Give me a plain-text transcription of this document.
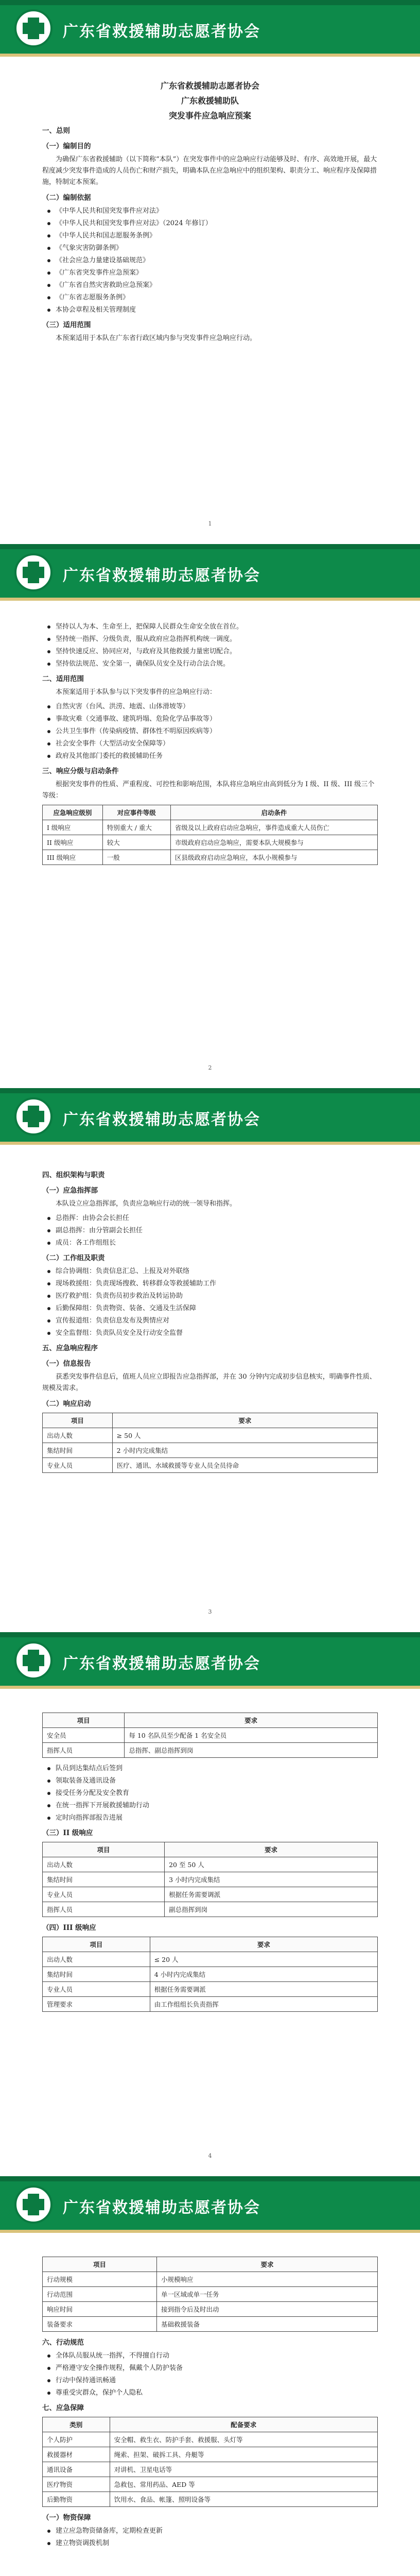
广东省救援辅助志愿者协会
广东省救援辅助志愿者协会
广东救援辅助队
突发事件应急响应预案
一、总则
（一）编制目的

为确保广东省救援辅助（以下简称“本队”）在突发事件中的应急响应行动能够及时、有序、高效地开展，最大程度减少突发事件造成的人员伤亡和财产损失，明确本队在应急响应中的组织架构、职责分工、响应程序及保障措施，特制定本预案。

（二）编制依据
《中华人民共和国突发事件应对法》
《中华人民共和国突发事件应对法》（2024 年修订）
《中华人民共和国志愿服务条例》
《气象灾害防御条例》
《社会应急力量建设基础规范》
《广东省突发事件应急预案》
《广东省自然灾害救助应急预案》
《广东省志愿服务条例》
本协会章程及相关管理制度
（三）适用范围

本预案适用于本队在广东省行政区域内参与突发事件应急响应行动。

1
广东省救援辅助志愿者协会
坚持以人为本、生命至上，把保障人民群众生命安全放在首位。
坚持统一指挥、分级负责，服从政府应急指挥机构统一调度。
坚持快速反应、协同应对，与政府及其他救援力量密切配合。
坚持依法规范、安全第一，确保队员安全及行动合法合规。
二、适用范围

本预案适用于本队参与以下突发事件的应急响应行动：

自然灾害（台风、洪涝、地震、山体滑坡等）
事故灾难（交通事故、建筑坍塌、危险化学品事故等）
公共卫生事件（传染病疫情、群体性不明原因疾病等）
社会安全事件（大型活动安全保障等）
政府及其他部门委托的救援辅助任务
三、响应分级与启动条件

根据突发事件的性质、严重程度、可控性和影响范围，本队将应急响应由高到低分为 I 级、II 级、III 级三个等级：

应急响应级别	对应事件等级	启动条件
I 级响应	特别重大 / 重大	省级及以上政府启动应急响应，事件造成重大人员伤亡
II 级响应	较大	市级政府启动应急响应，需要本队大规模参与
III 级响应	一般	区县级政府启动应急响应，本队小规模参与
2
广东省救援辅助志愿者协会
四、组织架构与职责
（一）应急指挥部

本队设立应急指挥部，负责应急响应行动的统一领导和指挥。

总指挥：由协会会长担任
副总指挥：由分管副会长担任
成员：各工作组组长
（二）工作组及职责
综合协调组：负责信息汇总、上报及对外联络
现场救援组：负责现场搜救、转移群众等救援辅助工作
医疗救护组：负责伤员初步救治及转运协助
后勤保障组：负责物资、装备、交通及生活保障
宣传报道组：负责信息发布及舆情应对
安全监督组：负责队员安全及行动安全监督
五、应急响应程序
（一）信息报告

获悉突发事件信息后，值班人员应立即报告应急指挥部，并在 30 分钟内完成初步信息核实，明确事件性质、规模及需求。

（二）响应启动
项目	要求
出动人数	≥ 50 人
集结时间	2 小时内完成集结
专业人员	医疗、通讯、水域救援等专业人员全员待命
3
广东省救援辅助志愿者协会
项目	要求
安全员	每 10 名队员至少配备 1 名安全员
指挥人员	总指挥、副总指挥到岗
队员到达集结点后签到
领取装备及通讯设备
接受任务分配及安全教育
在统一指挥下开展救援辅助行动
定时向指挥部报告进展
（三）II 级响应
项目	要求
出动人数	20 至 50 人
集结时间	3 小时内完成集结
专业人员	根据任务需要调派
指挥人员	副总指挥到岗
（四）III 级响应
项目	要求
出动人数	≤ 20 人
集结时间	4 小时内完成集结
专业人员	根据任务需要调派
管理要求	由工作组组长负责指挥
4
广东省救援辅助志愿者协会
项目	要求
行动规模	小规模响应
行动范围	单一区域或单一任务
响应时间	接到指令后及时出动
装备要求	基础救援装备
六、行动规范
全体队员服从统一指挥，不得擅自行动
严格遵守安全操作规程，佩戴个人防护装备
行动中保持通讯畅通
尊重受灾群众，保护个人隐私
七、应急保障
类别	配备要求
个人防护	安全帽、救生衣、防护手套、救援服、头灯等
救援器材	绳索、担架、破拆工具、舟艇等
通讯设备	对讲机、卫星电话等
医疗物资	急救包、常用药品、AED 等
后勤物资	饮用水、食品、帐篷、照明设备等
（一）物资保障
建立应急物资储备库，定期检查更新
建立物资调拨机制
